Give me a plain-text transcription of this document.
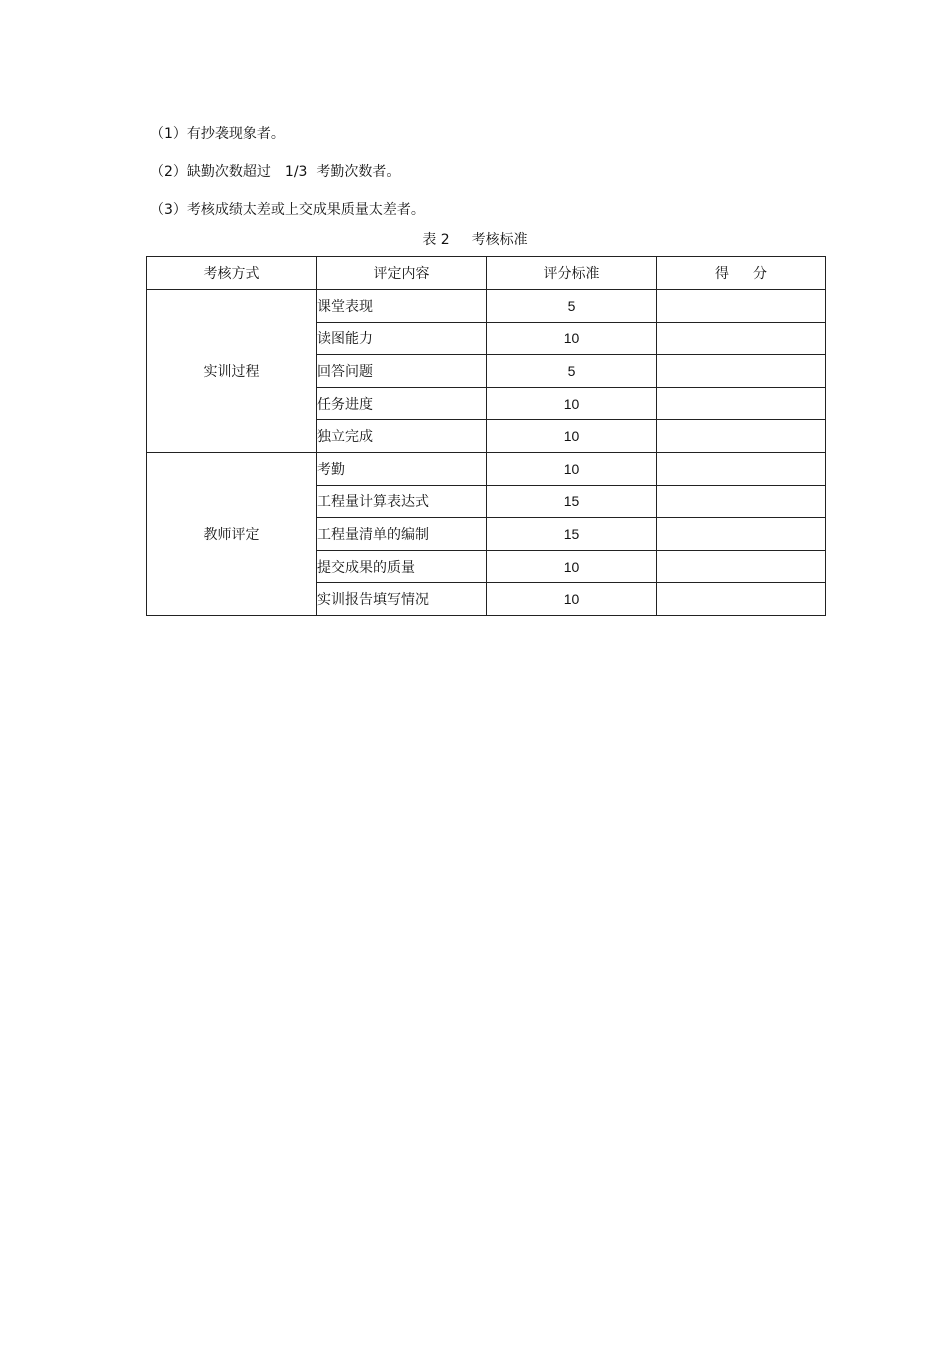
（1）有抄袭现象者。
（2）缺勤次数超过　1/3  考勤次数者。
（3）考核成绩太差或上交成果质量太差者。
表 2 考核标准
考核方式	评定内容	评分标准	得 分
实训过程	课堂表现	5	
	读图能力	10	
	回答问题	5	
	任务进度	10	
	独立完成	10	
教师评定	考勤	10	
	工程量计算表达式	15	
	工程量清单的编制	15	
	提交成果的质量	10	
	实训报告填写情况	10	
